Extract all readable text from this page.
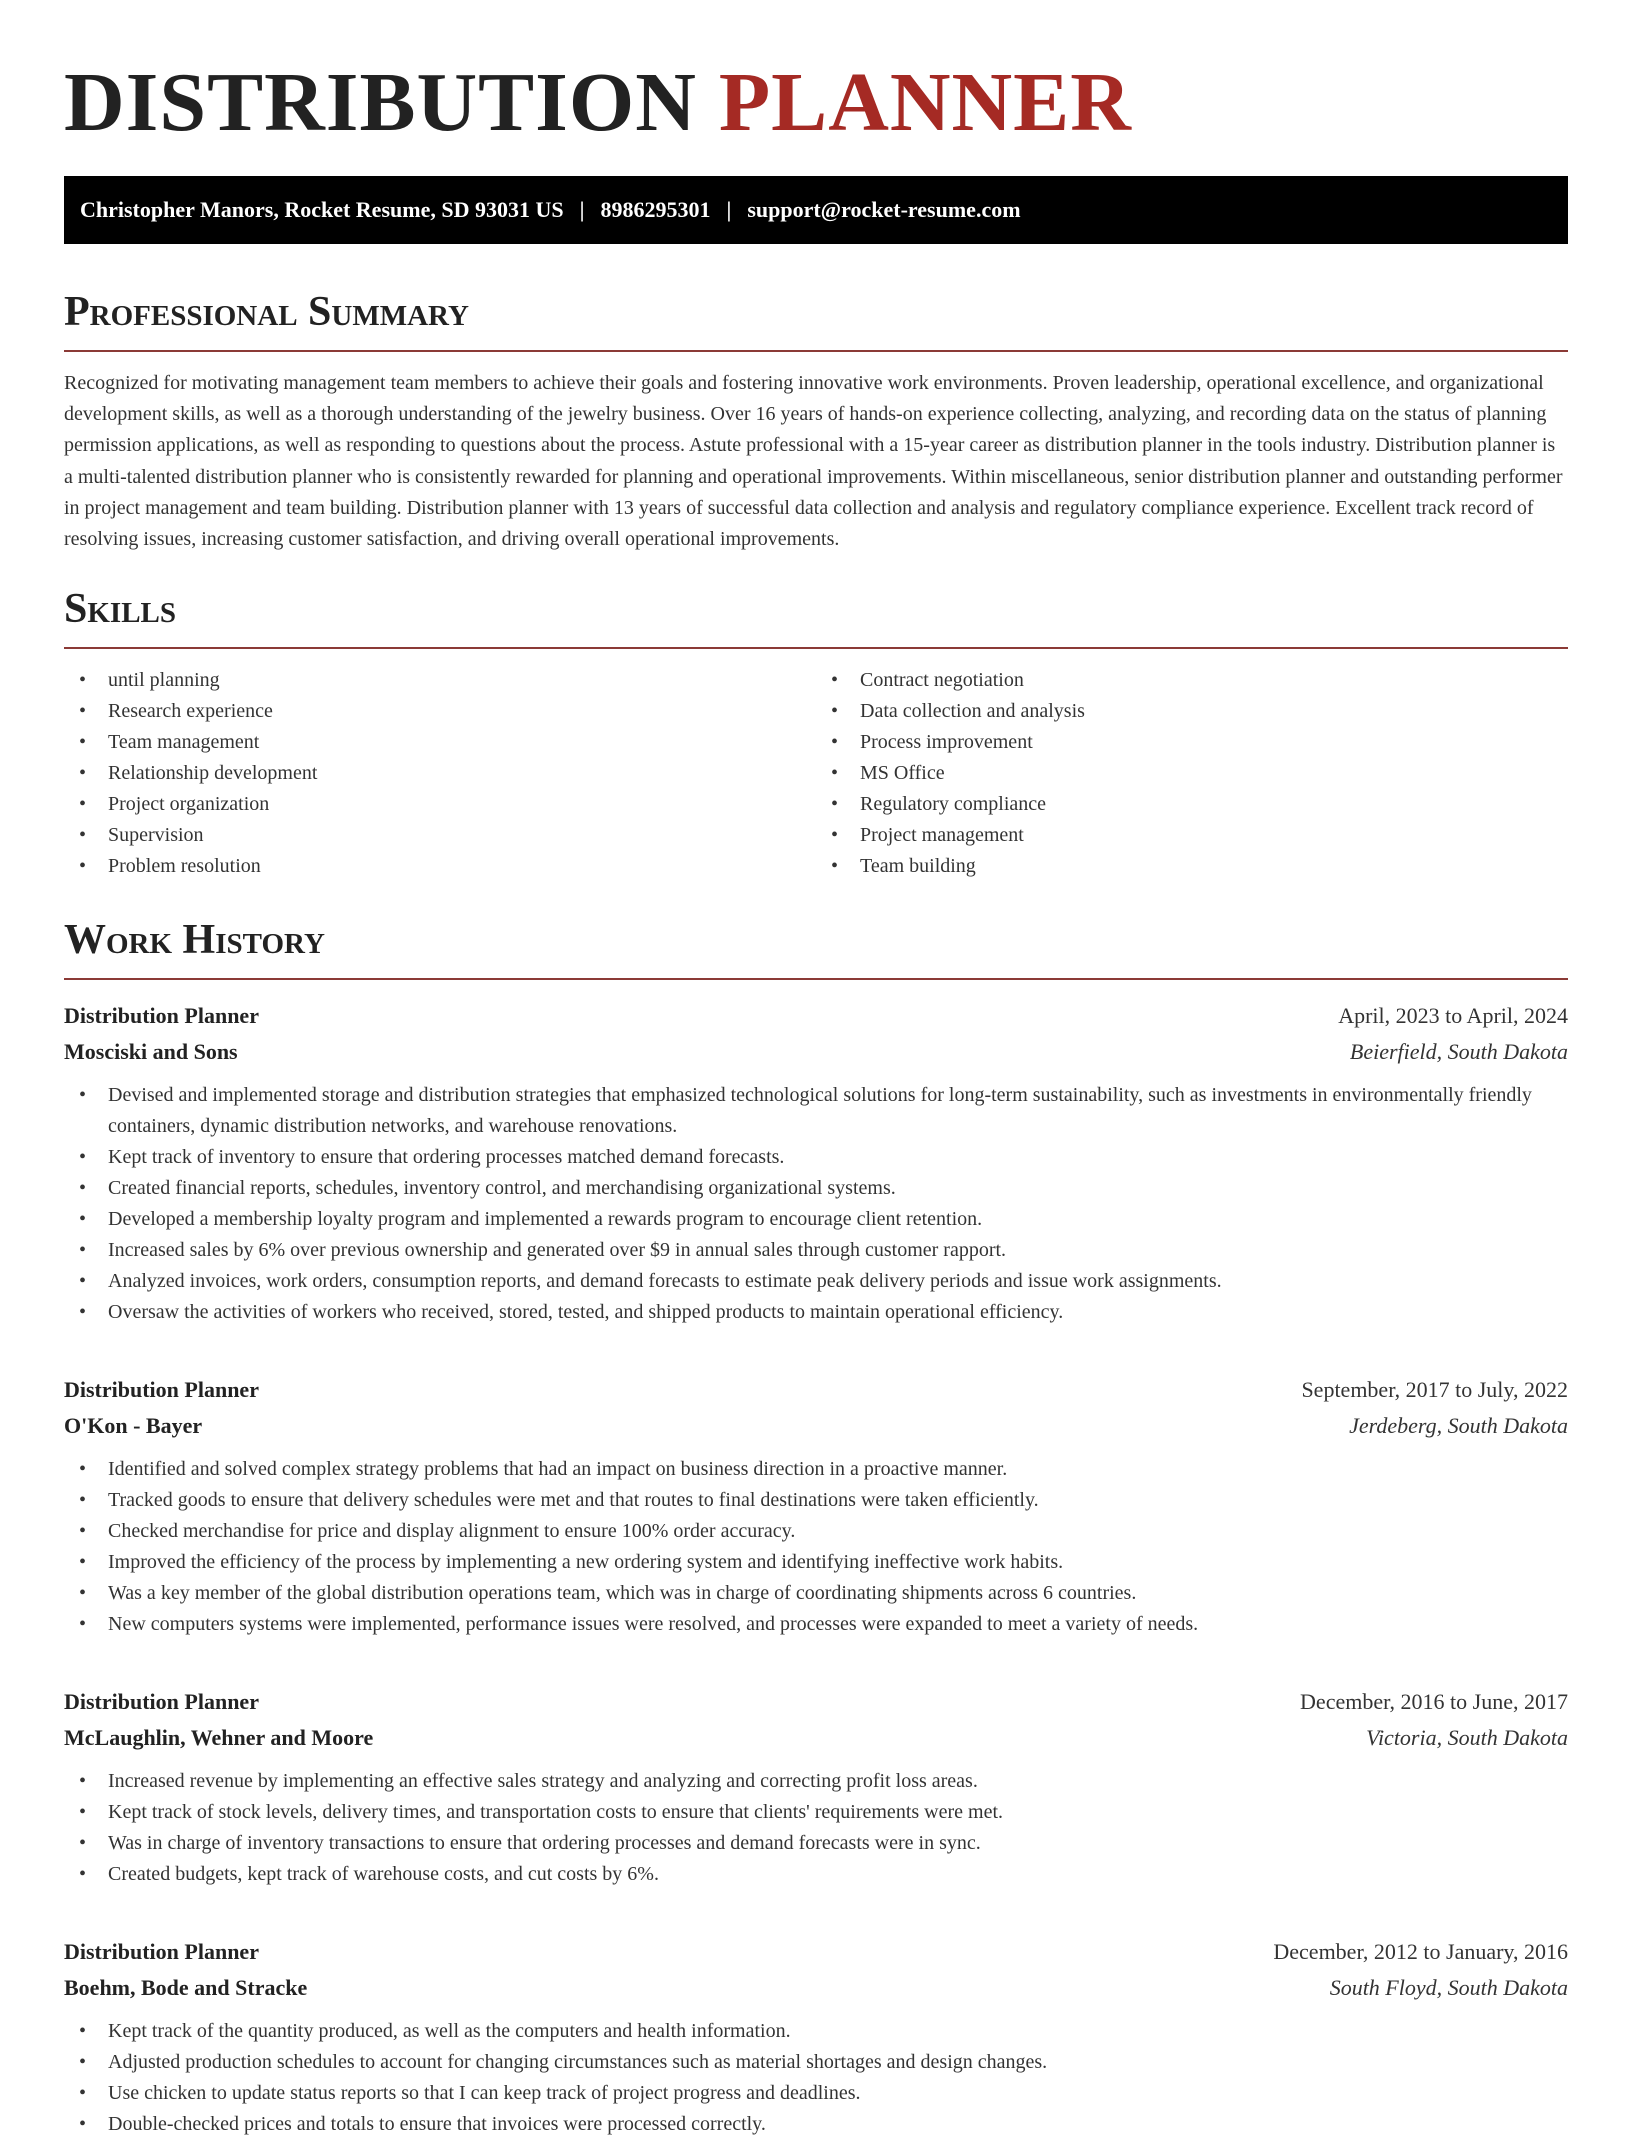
DISTRIBUTION PLANNER
Christopher Manors, Rocket Resume, SD 93031 US | 8986295301 | support@rocket-resume.com
Professional Summary

Recognized for motivating management team members to achieve their goals and fostering innovative work environments. Proven leadership, operational excellence, and organizational development skills, as well as a thorough understanding of the jewelry business. Over 16 years of hands-on experience collecting, analyzing, and recording data on the status of planning permission applications, as well as responding to questions about the process. Astute professional with a 15-year career as distribution planner in the tools industry. Distribution planner is a multi-talented distribution planner who is consistently rewarded for planning and operational improvements. Within miscellaneous, senior distribution planner and outstanding performer in project management and team building. Distribution planner with 13 years of successful data collection and analysis and regulatory compliance experience. Excellent track record of resolving issues, increasing customer satisfaction, and driving overall operational improvements.

Skills
• until planning
• Research experience
• Team management
• Relationship development
• Project organization
• Supervision
• Problem resolution
• Contract negotiation
• Data collection and analysis
• Process improvement
• MS Office
• Regulatory compliance
• Project management
• Team building
Work History
Distribution Planner	April, 2023 to April, 2024
Mosciski and Sons	Beierfield, South Dakota
• Devised and implemented storage and distribution strategies that emphasized technological solutions for long-term sustainability, such as investments in environmentally friendly containers, dynamic distribution networks, and warehouse renovations.
• Kept track of inventory to ensure that ordering processes matched demand forecasts.
• Created financial reports, schedules, inventory control, and merchandising organizational systems.
• Developed a membership loyalty program and implemented a rewards program to encourage client retention.
• Increased sales by 6% over previous ownership and generated over $9 in annual sales through customer rapport.
• Analyzed invoices, work orders, consumption reports, and demand forecasts to estimate peak delivery periods and issue work assignments.
• Oversaw the activities of workers who received, stored, tested, and shipped products to maintain operational efficiency.
Distribution Planner	September, 2017 to July, 2022
O'Kon - Bayer	Jerdeberg, South Dakota
• Identified and solved complex strategy problems that had an impact on business direction in a proactive manner.
• Tracked goods to ensure that delivery schedules were met and that routes to final destinations were taken efficiently.
• Checked merchandise for price and display alignment to ensure 100% order accuracy.
• Improved the efficiency of the process by implementing a new ordering system and identifying ineffective work habits.
• Was a key member of the global distribution operations team, which was in charge of coordinating shipments across 6 countries.
• New computers systems were implemented, performance issues were resolved, and processes were expanded to meet a variety of needs.
Distribution Planner	December, 2016 to June, 2017
McLaughlin, Wehner and Moore	Victoria, South Dakota
• Increased revenue by implementing an effective sales strategy and analyzing and correcting profit loss areas.
• Kept track of stock levels, delivery times, and transportation costs to ensure that clients' requirements were met.
• Was in charge of inventory transactions to ensure that ordering processes and demand forecasts were in sync.
• Created budgets, kept track of warehouse costs, and cut costs by 6%.
Distribution Planner	December, 2012 to January, 2016
Boehm, Bode and Stracke	South Floyd, South Dakota
• Kept track of the quantity produced, as well as the computers and health information.
• Adjusted production schedules to account for changing circumstances such as material shortages and design changes.
• Use chicken to update status reports so that I can keep track of project progress and deadlines.
• Double-checked prices and totals to ensure that invoices were processed correctly.
